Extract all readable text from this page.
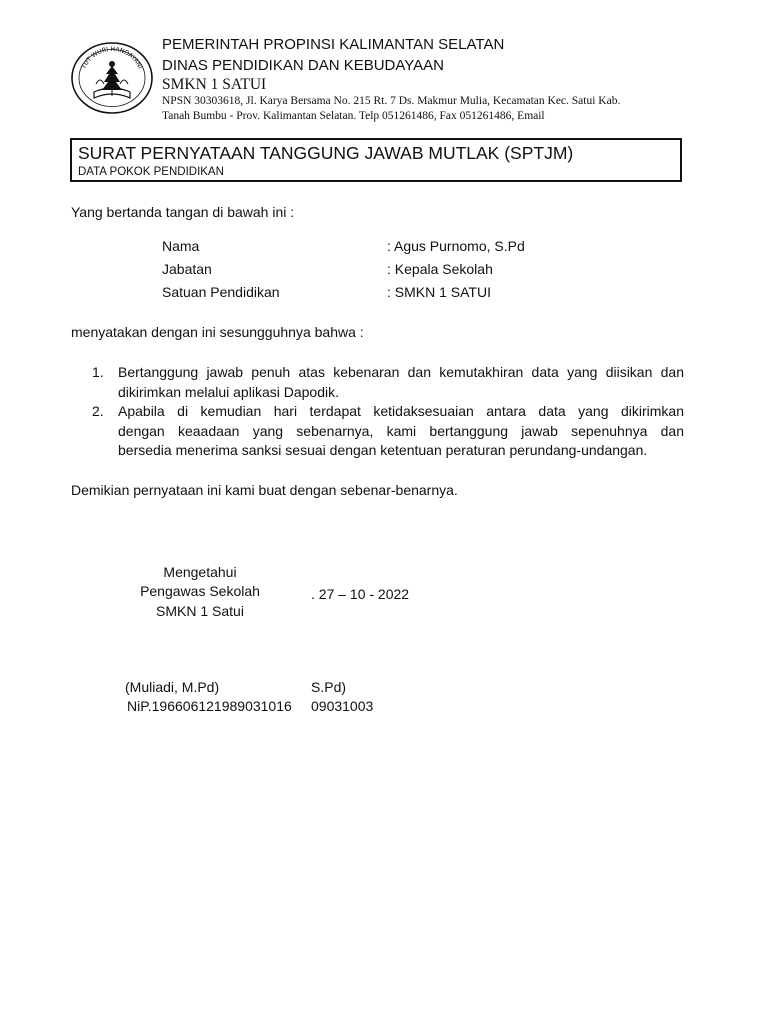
TUT WURI HANDAYANI
PEMERINTAH PROPINSI KALIMANTAN SELATAN
DINAS PENDIDIKAN DAN KEBUDAYAAN
SMKN 1 SATUI
NPSN 30303618, Jl. Karya Bersama No. 215 Rt. 7 Ds. Makmur Mulia, Kecamatan Kec. Satui Kab.
Tanah Bumbu - Prov. Kalimantan Selatan. Telp 051261486, Fax 051261486, Email
SURAT PERNYATAAN TANGGUNG JAWAB MUTLAK (SPTJM)
DATA POKOK PENDIDIKAN
Yang bertanda tangan di bawah ini :
Nama	: Agus Purnomo, S.Pd
Jabatan	: Kepala Sekolah
Satuan Pendidikan	: SMKN 1 SATUI
menyatakan dengan ini sesungguhnya bahwa :
1. Bertanggung jawab penuh atas kebenaran dan kemutakhiran data yang diisikan dan
dikirimkan melalui aplikasi Dapodik.
2. Apabila di kemudian hari terdapat ketidaksesuaian antara data yang dikirimkan
dengan keaadaan yang sebenarnya, kami bertanggung jawab sepenuhnya dan
bersedia menerima sanksi sesuai dengan ketentuan peraturan perundang-undangan.
Demikian pernyataan ini kami buat dengan sebenar-benarnya.
Mengetahui
Pengawas Sekolah
SMKN 1 Satui
. 27 – 10 - 2022
(Muliadi, M.Pd)	S.Pd)
NiP.196606121989031016 09031003
